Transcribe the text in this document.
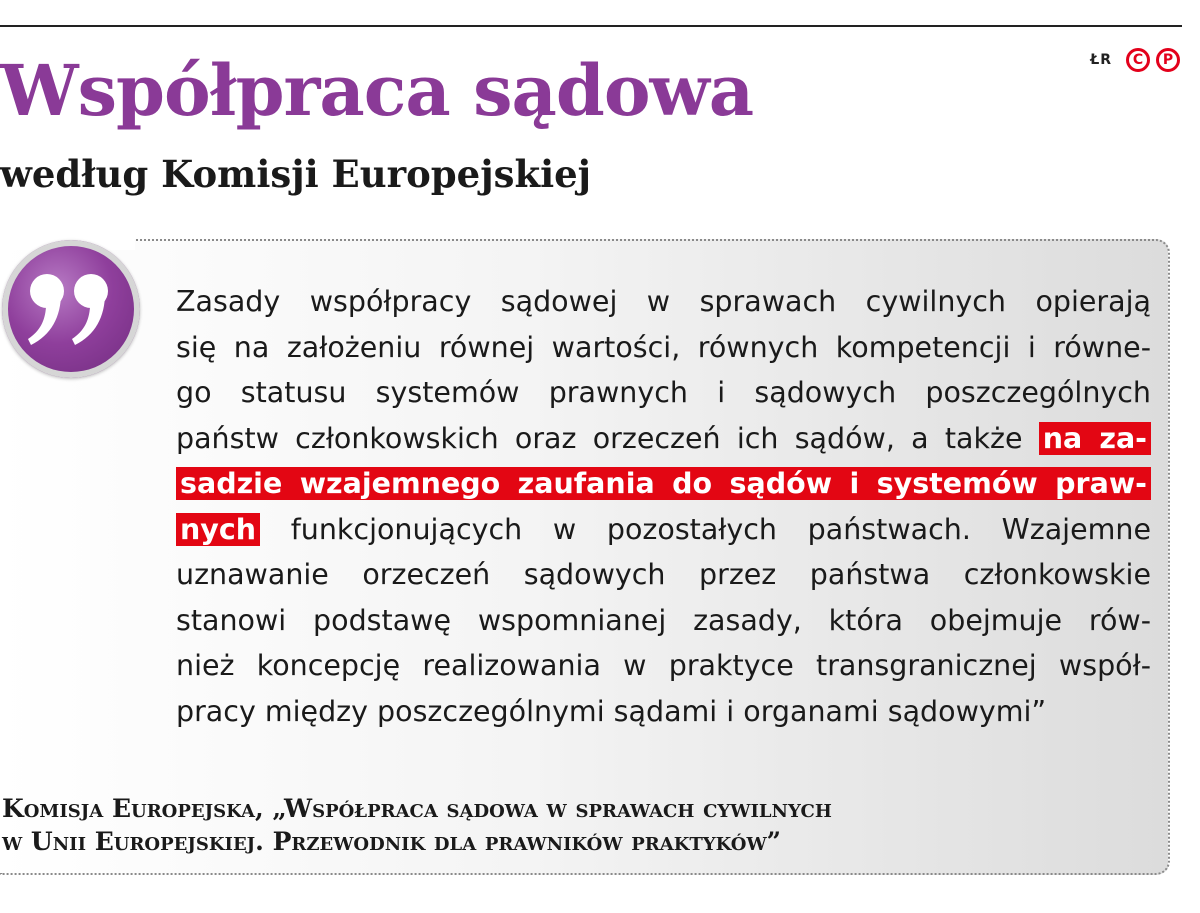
ŁR	C	P
Współpraca sądowa
według Komisji Europejskiej
Zasady współpracy sądowej w sprawach cywilnych opierają
się na założeniu równej wartości, równych kompetencji i równe-
go statusu systemów prawnych i sądowych poszczególnych
państw członkowskich oraz orzeczeń ich sądów, a także na za-
sadzie wzajemnego zaufania do sądów i systemów praw-
nych funkcjonujących w pozostałych państwach. Wzajemne
uznawanie orzeczeń sądowych przez państwa członkowskie
stanowi podstawę wspomnianej zasady, która obejmuje rów-
nież koncepcję realizowania w praktyce transgranicznej współ-
pracy między poszczególnymi sądami i organami sądowymi”

Komisja Europejska, „Współpraca sądowa w sprawach cywilnych
w Unii Europejskiej. Przewodnik dla prawników praktyków”
